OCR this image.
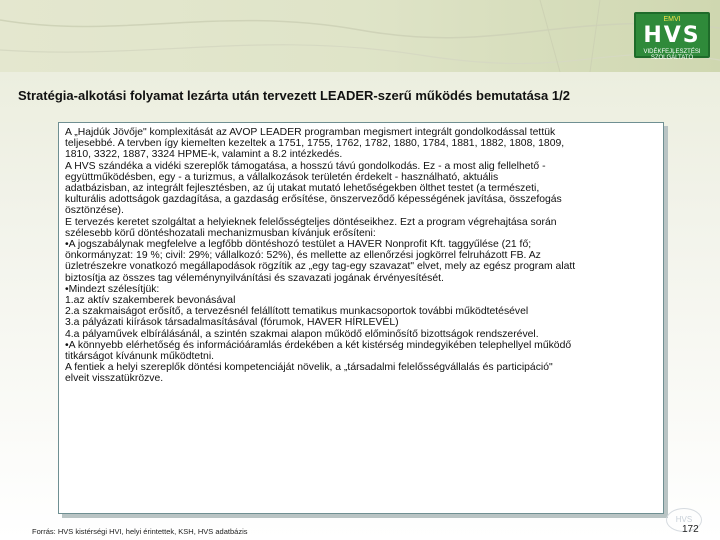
EMVI
HVS
VIDÉKFEJLESZTÉSI SZOLGÁLTATÓ
Stratégia-alkotási folyamat lezárta után tervezett LEADER-szerű működés bemutatása 1/2

A „Hajdúk Jövője" komplexitását az AVOP LEADER programban megismert integrált gondolkodással tettük

teljesebbé. A tervben így kiemelten kezeltek a 1751, 1755, 1762, 1782, 1880, 1784, 1881, 1882, 1808, 1809,

1810, 3322, 1887, 3324 HPME-k, valamint a 8.2 intézkedés.

A HVS szándéka a vidéki szereplők támogatása, a hosszú távú gondolkodás. Ez - a most alig fellelhető -

együttműködésben, egy - a turizmus, a vállalkozások területén érdekelt - használható, aktuális

adatbázisban, az integrált fejlesztésben, az új utakat mutató lehetőségekben ölthet testet (a természeti,

kulturális adottságok gazdagítása, a gazdaság erősítése, önszerveződő képességének javítása, összefogás

ösztönzése).

E tervezés keretet szolgáltat a helyieknek felelősségteljes döntéseikhez. Ezt a program végrehajtása során

szélesebb körű döntéshozatali mechanizmusban kívánjuk erősíteni:

•A jogszabálynak megfelelve a legfőbb döntéshozó testület a HAVER Nonprofit Kft. taggyűlése (21 fő;

önkormányzat: 19 %; civil: 29%; vállalkozó: 52%), és mellette az ellenőrzési jogkörrel felruházott FB. Az

üzletrészekre vonatkozó megállapodások rögzítik az „egy tag-egy szavazat" elvet, mely az egész program alatt

biztosítja az összes tag véleménynyilvánítási és szavazati jogának érvényesítését.

•Mindezt szélesítjük:

1.az aktív szakemberek bevonásával

2.a szakmaiságot erősítő, a tervezésnél felállított tematikus munkacsoportok további működtetésével

3.a pályázati kiírások társadalmasításával (fórumok, HAVER HÍRLEVÉL)

4.a pályaművek elbírálásánál, a szintén szakmai alapon működő előminősítő bizottságok rendszerével.

•A könnyebb elérhetőség és információáramlás érdekében a két kistérség mindegyikében telephellyel működő

titkárságot kívánunk működtetni.

A fentiek a helyi szereplők döntési kompetenciáját növelik, a „társadalmi felelősségvállalás és participáció"

elveit visszatükrözve.

Forrás: HVS kistérségi HVI, helyi érintettek, KSH, HVS adatbázis
HVS
172
